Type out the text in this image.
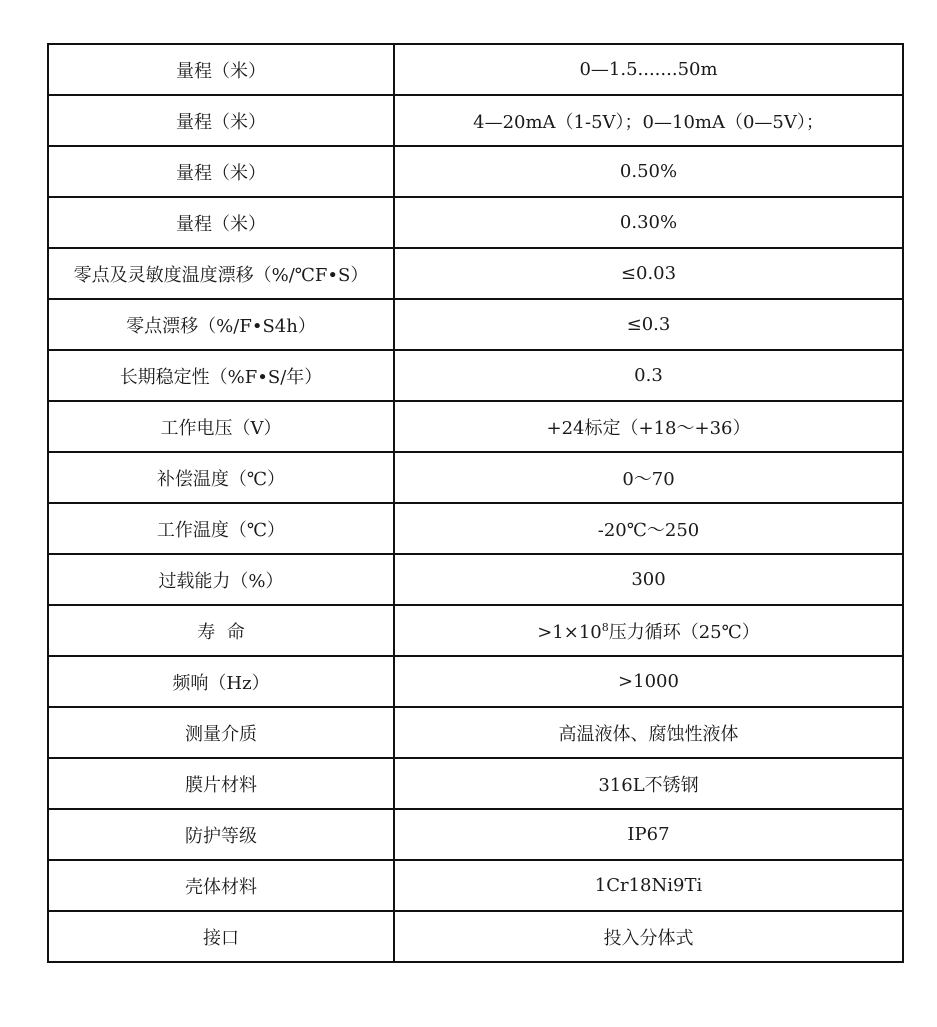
量程（米）	0—1.5.......50m
量程（米）	4—20mA（1-5V）；0—10mA（0—5V）；
量程（米）	0.50%
量程（米）	0.30%
零点及灵敏度温度漂移（%/℃F•S）	≤0.03
零点漂移（%/F•S4h）	≤0.3
长期稳定性（%F•S/年）	0.3
工作电压（V）	+24标定（+18～+36）
补偿温度（℃）	0～70
工作温度（℃）	-20℃～250
过载能力（%）	300
寿  命	$>1\times 10^8$压力循环（25℃）
频响（Hz）	>1000
测量介质	高温液体、腐蚀性液体
膜片材料	316L不锈钢
防护等级	IP67
壳体材料	1Cr18Ni9Ti
接口	投入分体式
